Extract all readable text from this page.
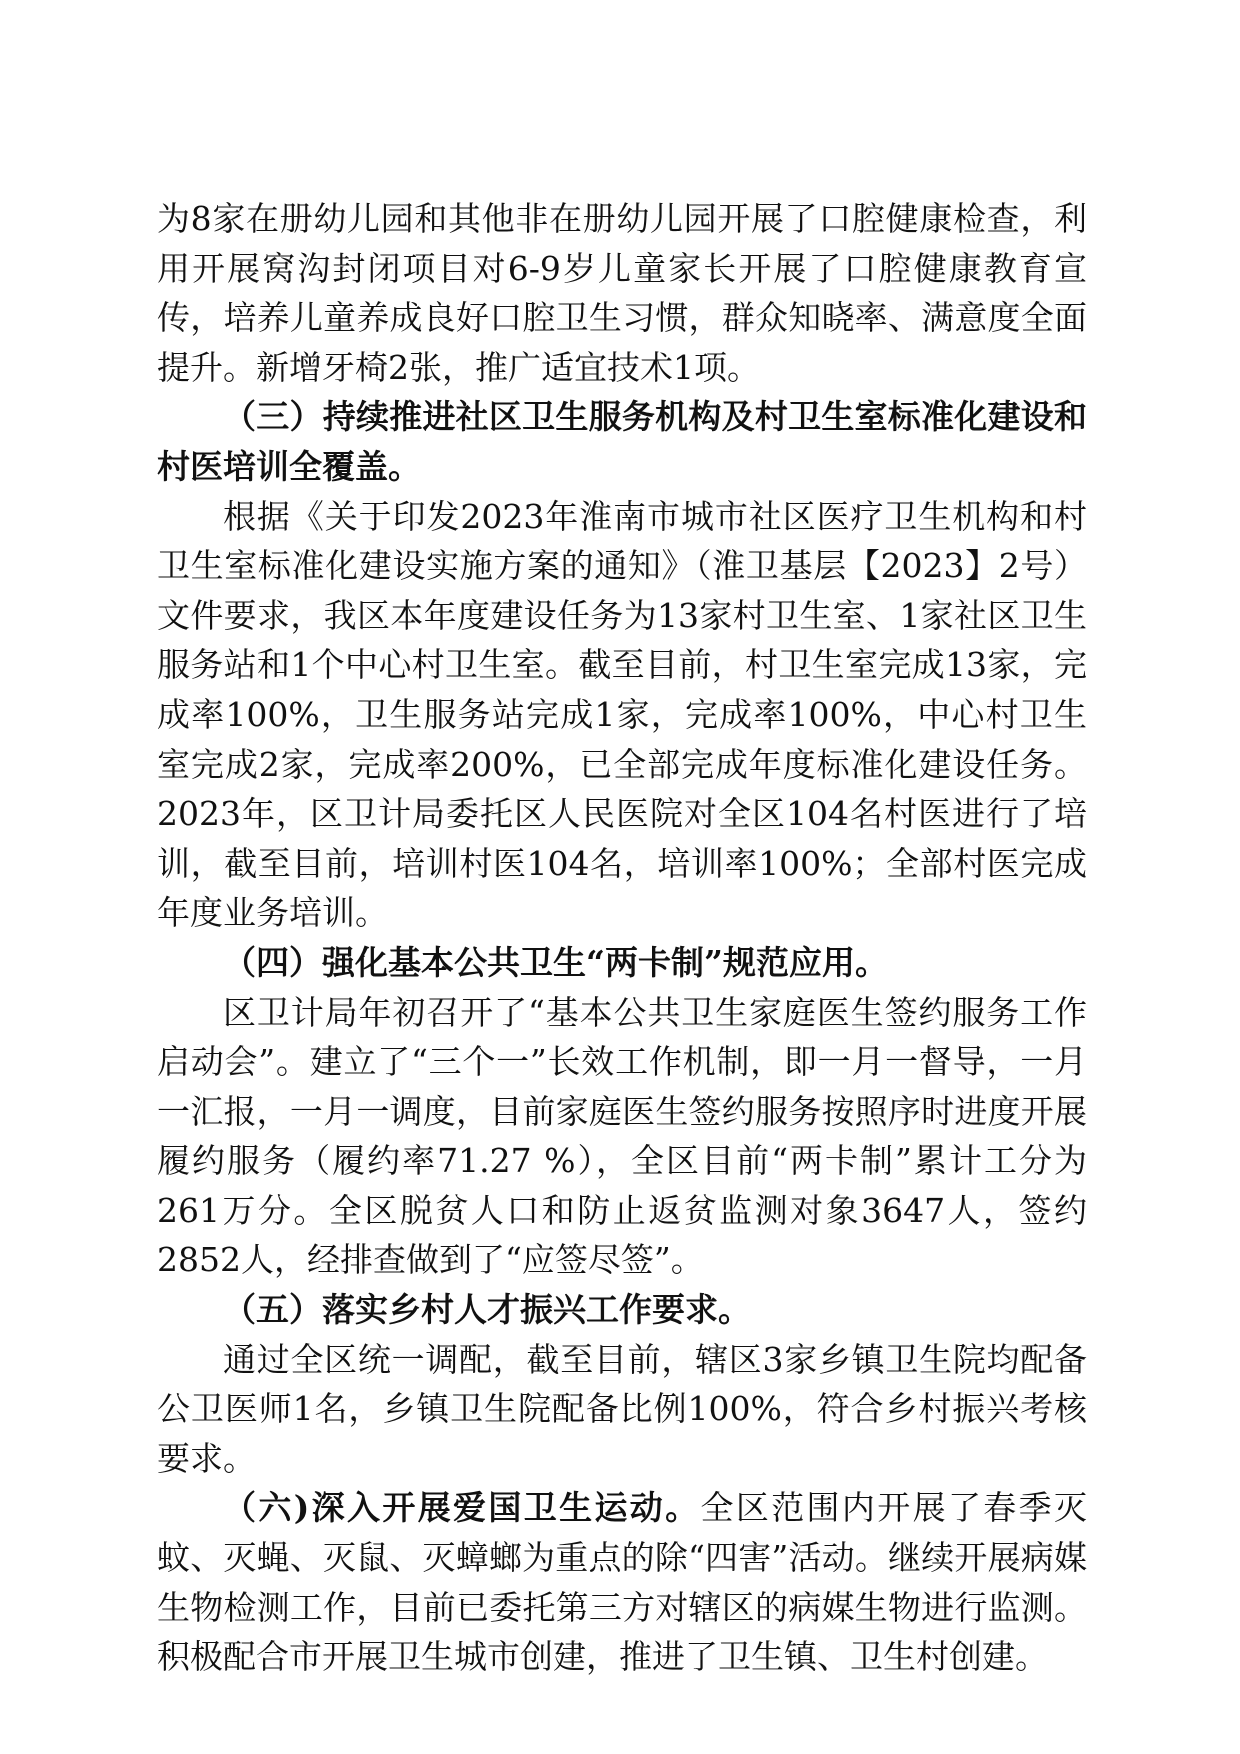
为8家在册幼儿园和其他非在册幼儿园开展了口腔健康检查，利用开展窝沟封闭项目对6-9岁儿童家长开展了口腔健康教育宣传，培养儿童养成良好口腔卫生习惯，群众知晓率、满意度全面提升。新增牙椅2张，推广适宜技术1项。

（三）持续推进社区卫生服务机构及村卫生室标准化建设和村医培训全覆盖。

根据《关于印发2023年淮南市城市社区医疗卫生机构和村卫生室标准化建设实施方案的通知》（淮卫基层【2023】2号）文件要求，我区本年度建设任务为13家村卫生室、1家社区卫生服务站和1个中心村卫生室。截至目前，村卫生室完成13家，完成率100%，卫生服务站完成1家，完成率100%，中心村卫生室完成2家，完成率200%，已全部完成年度标准化建设任务。2023年，区卫计局委托区人民医院对全区104名村医进行了培训，截至目前，培训村医104名，培训率100%；全部村医完成年度业务培训。

（四）强化基本公共卫生“两卡制”规范应用。

区卫计局年初召开了“基本公共卫生家庭医生签约服务工作启动会”。建立了“三个一”长效工作机制，即一月一督导，一月一汇报，一月一调度，目前家庭医生签约服务按照序时进度开展履约服务（履约率71.27 %），全区目前“两卡制”累计工分为261万分。全区脱贫人口和防止返贫监测对象3647人，签约2852人，经排查做到了“应签尽签”。

（五）落实乡村人才振兴工作要求。

通过全区统一调配，截至目前，辖区3家乡镇卫生院均配备公卫医师1名，乡镇卫生院配备比例100%，符合乡村振兴考核要求。

（六)深入开展爱国卫生运动。全区范围内开展了春季灭蚊、灭蝇、灭鼠、灭蟑螂为重点的除“四害”活动。继续开展病媒生物检测工作，目前已委托第三方对辖区的病媒生物进行监测。积极配合市开展卫生城市创建，推进了卫生镇、卫生村创建。
